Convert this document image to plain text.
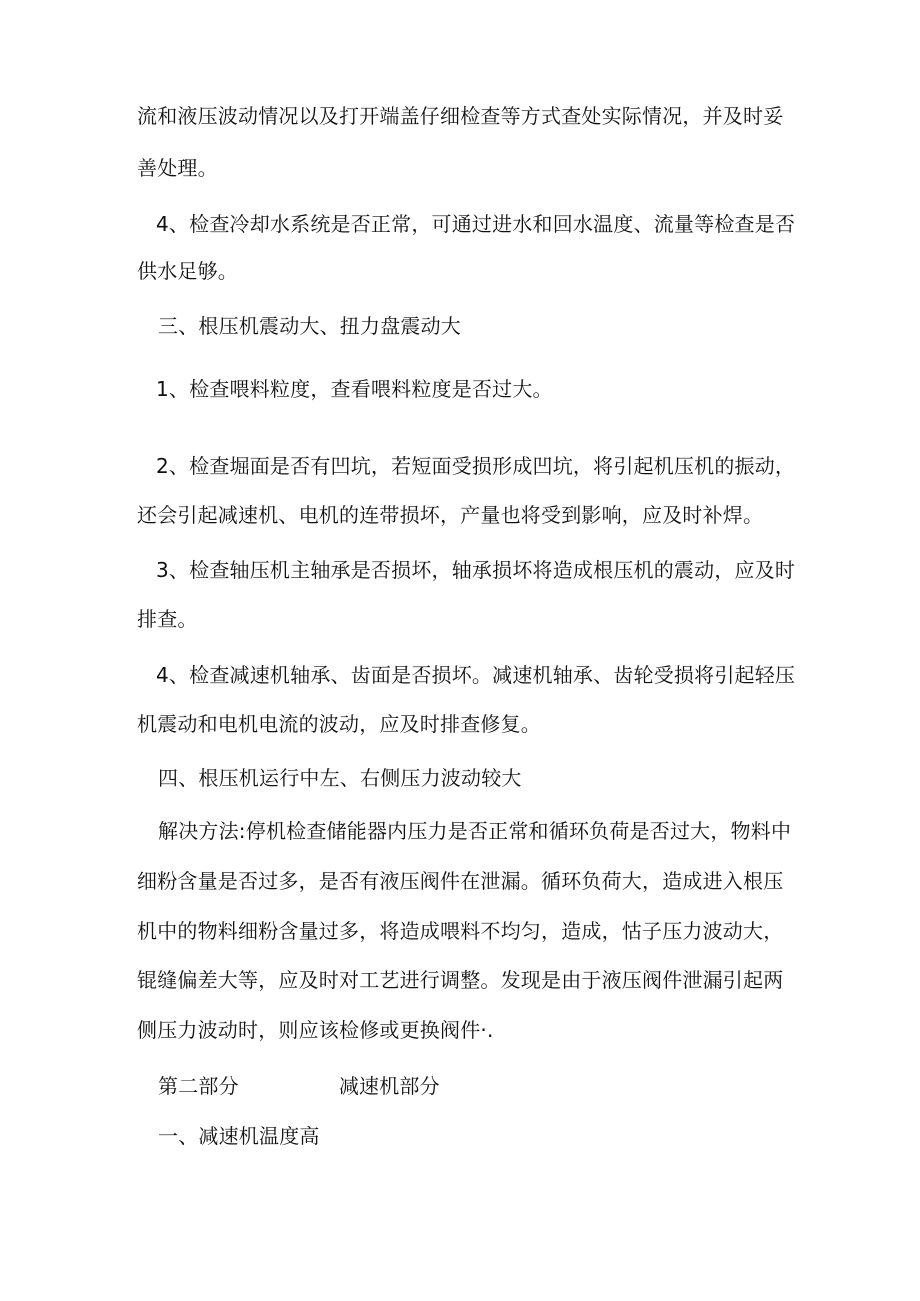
流和液压波动情况以及打开端盖仔细检查等方式查处实际情况，并及时妥
善处理。
4、检查冷却水系统是否正常，可通过进水和回水温度、流量等检查是否
供水足够。
三、根压机震动大、扭力盘震动大
1、检查喂料粒度，查看喂料粒度是否过大。
2、检查堀面是否有凹坑，若短面受损形成凹坑，将引起机压机的振动，
还会引起减速机、电机的连带损坏，产量也将受到影响，应及时补焊。
3、检查轴压机主轴承是否损坏，轴承损坏将造成根压机的震动，应及时
排查。
4、检查减速机轴承、齿面是否损坏。减速机轴承、齿轮受损将引起轻压
机震动和电机电流的波动，应及时排查修复。
四、根压机运行中左、右侧压力波动较大
解决方法:停机检查储能器内压力是否正常和循环负荷是否过大，物料中
细粉含量是否过多，是否有液压阀件在泄漏。循环负荷大，造成进入根压
机中的物料细粉含量过多，将造成喂料不均匀，造成，怙子压力波动大，
锟缝偏差大等，应及时对工艺进行调整。发现是由于液压阀件泄漏引起两
侧压力波动时，则应该检修或更换阀件·.
第二部分	减速机部分
一、减速机温度高
